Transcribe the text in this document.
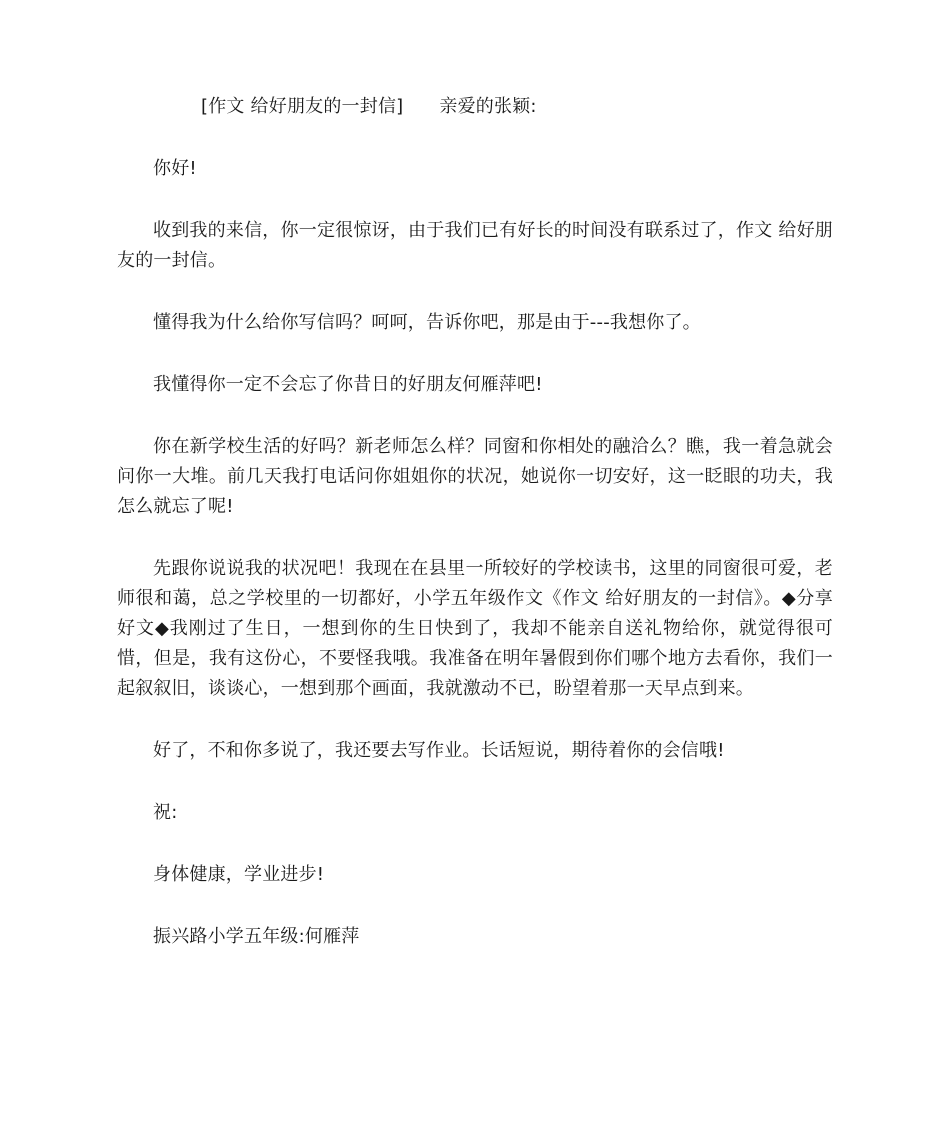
[作文 给好朋友的一封信] 亲爱的张颖:

你好!

收到我的来信，你一定很惊讶，由于我们已有好长的时间没有联系过了，作文 给好朋友的一封信。

懂得我为什么给你写信吗？呵呵，告诉你吧，那是由于---我想你了。

我懂得你一定不会忘了你昔日的好朋友何雁萍吧!

你在新学校生活的好吗？新老师怎么样？同窗和你相处的融洽么？瞧，我一着急就会问你一大堆。前几天我打电话问你姐姐你的状况，她说你一切安好，这一眨眼的功夫，我怎么就忘了呢!

先跟你说说我的状况吧！我现在在县里一所较好的学校读书，这里的同窗很可爱，老师很和蔼，总之学校里的一切都好，小学五年级作文《作文 给好朋友的一封信》。◆分享好文◆我刚过了生日，一想到你的生日快到了，我却不能亲自送礼物给你，就觉得很可惜，但是，我有这份心，不要怪我哦。我准备在明年暑假到你们哪个地方去看你，我们一起叙叙旧，谈谈心，一想到那个画面，我就激动不已，盼望着那一天早点到来。

好了，不和你多说了，我还要去写作业。长话短说，期待着你的会信哦!

祝:

身体健康，学业进步!

振兴路小学五年级:何雁萍
